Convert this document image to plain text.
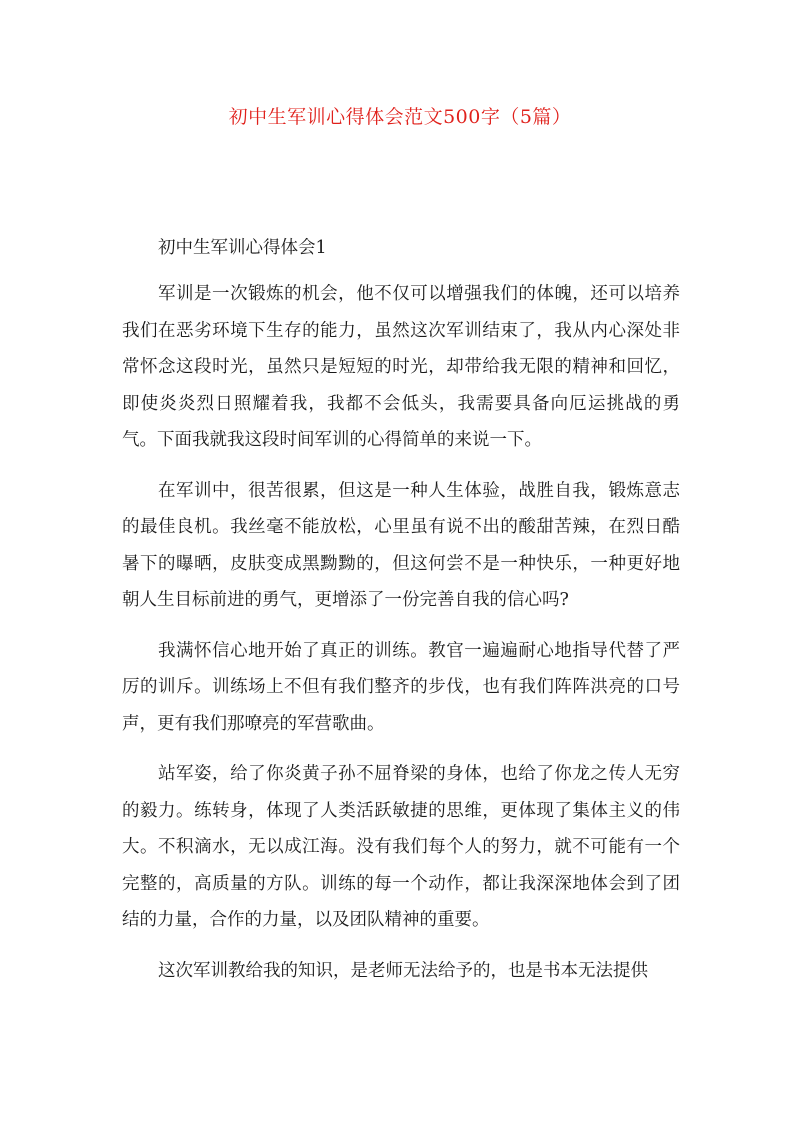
初中生军训心得体会范文500字（5篇）
初中生军训心得体会1

军训是一次锻炼的机会，他不仅可以增强我们的体魄，还可以培养我们在恶劣环境下生存的能力，虽然这次军训结束了，我从内心深处非常怀念这段时光，虽然只是短短的时光，却带给我无限的精神和回忆，即使炎炎烈日照耀着我，我都不会低头，我需要具备向厄运挑战的勇气。下面我就我这段时间军训的心得简单的来说一下。

在军训中，很苦很累，但这是一种人生体验，战胜自我，锻炼意志的最佳良机。我丝毫不能放松，心里虽有说不出的酸甜苦辣，在烈日酷暑下的曝晒，皮肤变成黑黝黝的，但这何尝不是一种快乐，一种更好地朝人生目标前进的勇气，更增添了一份完善自我的信心吗?

我满怀信心地开始了真正的训练。教官一遍遍耐心地指导代替了严厉的训斥。训练场上不但有我们整齐的步伐，也有我们阵阵洪亮的口号声，更有我们那嘹亮的军营歌曲。

站军姿，给了你炎黄子孙不屈脊梁的身体，也给了你龙之传人无穷的毅力。练转身，体现了人类活跃敏捷的思维，更体现了集体主义的伟大。不积滴水，无以成江海。没有我们每个人的努力，就不可能有一个完整的，高质量的方队。训练的每一个动作，都让我深深地体会到了团结的力量，合作的力量，以及团队精神的重要。

这次军训教给我的知识，是老师无法给予的，也是书本无法提供
